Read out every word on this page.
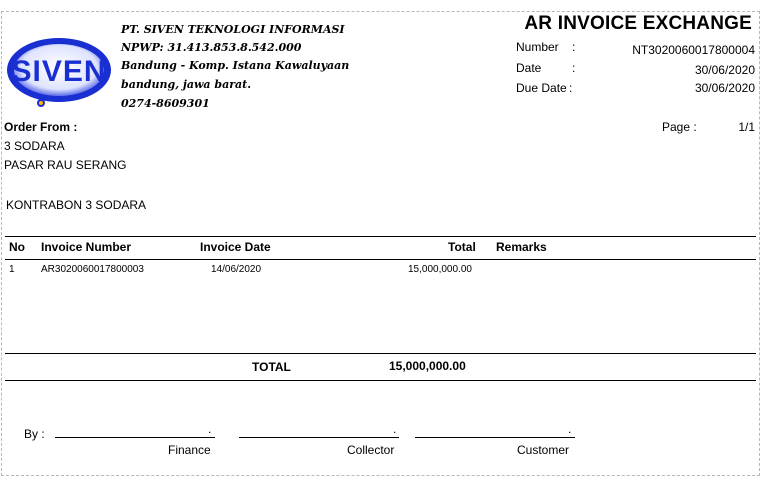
SIVEN
PT. SIVEN TEKNOLOGI INFORMASI
NPWP: 31.413.853.8.542.000
Bandung - Komp. Istana Kawaluyaan
bandung, jawa barat.
0274-8609301
AR INVOICE EXCHANGE
Number :	NT3020060017800004
Date	:	30/06/2020
Due Date :	30/06/2020
Order From :
3 SODARA
PASAR RAU SERANG
KONTRABON 3 SODARA
Page :	1/1
No Invoice Number	Invoice Date	Total Remarks
1	AR3020060017800003	14/06/2020	15,000,000.00
TOTAL	15,000,000.00
By :	.
Finance
.
Collector
.
Customer
